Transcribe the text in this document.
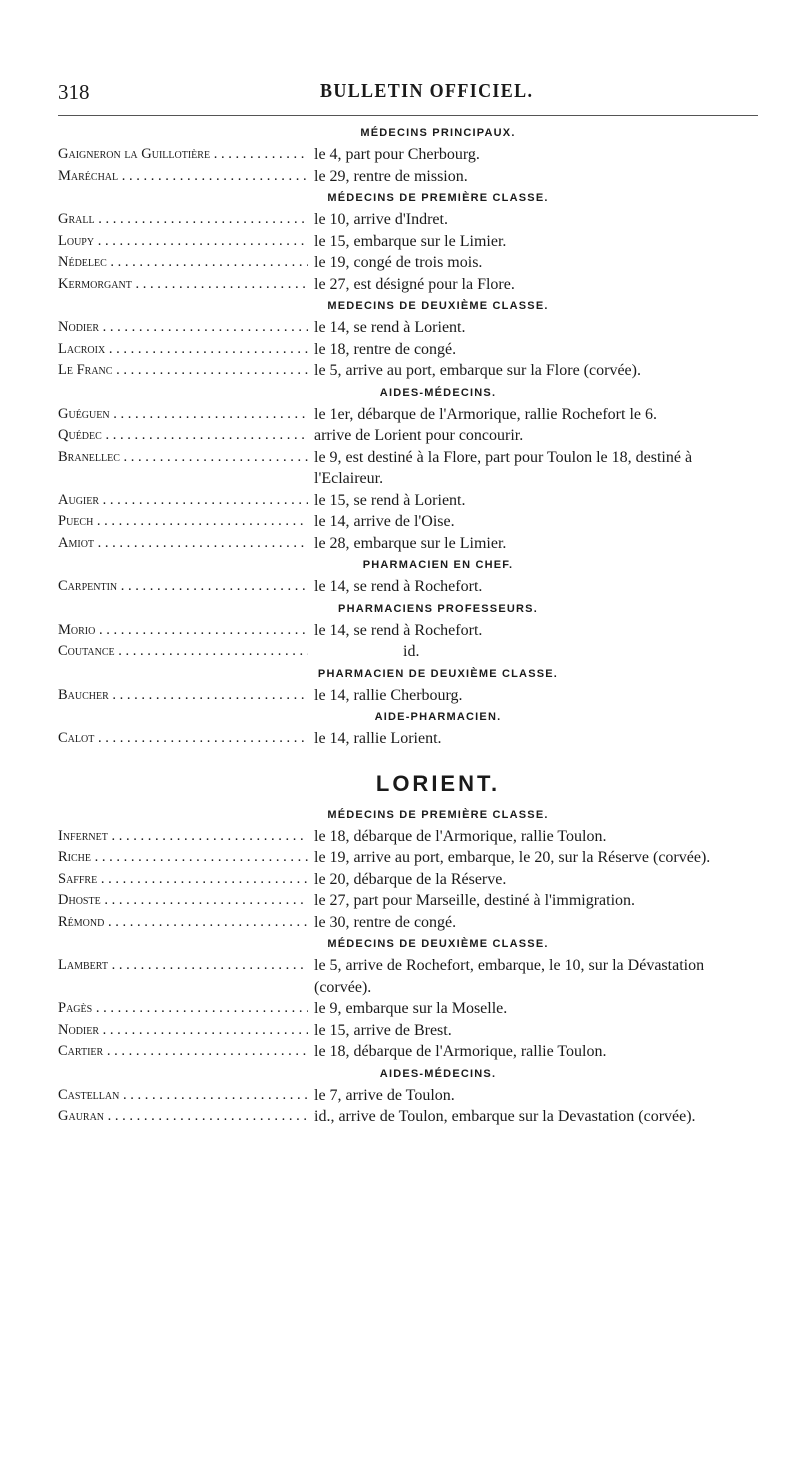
318	BULLETIN OFFICIEL.
MÉDECINS PRINCIPAUX.
Gaigneron la Guillotière . . .	le 4, part pour Cherbourg.
Maréchal . . .	le 29, rentre de mission.
MÉDECINS DE PREMIÈRE CLASSE.
Grall . . .	le 10, arrive d'Indret.
Loupy . . .	le 15, embarque sur le Limier.
Nédelec . . .	le 19, congé de trois mois.
Kermorgant . . .	le 27, est désigné pour la Flore.
MEDECINS DE DEUXIÈME CLASSE.
Nodier . . .	le 14, se rend à Lorient.
Lacroix . . .	le 18, rentre de congé.
Le Franc . . .	le 5, arrive au port, embarque sur la Flore (corvée).
AIDES-MÉDECINS.
Guéguen . . .	le 1er, débarque de l'Armorique, rallie Rochefort le 6.
Quédec . . .	arrive de Lorient pour concourir.
Branellec . . .	le 9, est destiné à la Flore, part pour Toulon le 18, destiné à l'Eclaireur.
Augier . . .	le 15, se rend à Lorient.
Puech . . .	le 14, arrive de l'Oise.
Amiot . . .	le 28, embarque sur le Limier.
PHARMACIEN EN CHEF.
Carpentin . . .	le 14, se rend à Rochefort.
PHARMACIENS PROFESSEURS.
Morio . . .	le 14, se rend à Rochefort.
Coutance . . .	id.
PHARMACIEN DE DEUXIÈME CLASSE.
Baucher . . .	le 14, rallie Cherbourg.
AIDE-PHARMACIEN.
Calot . . .	le 14, rallie Lorient.
LORIENT.
MÉDECINS DE PREMIÈRE CLASSE.
Infernet . . .	le 18, débarque de l'Armorique, rallie Toulon.
Riche . . .	le 19, arrive au port, embarque, le 20, sur la Réserve (corvée).
Saffre . . .	le 20, débarque de la Réserve.
Dhoste . . .	le 27, part pour Marseille, destiné à l'immigration.
Rémond . . .	le 30, rentre de congé.
MÉDECINS DE DEUXIÈME CLASSE.
Lambert . . .	le 5, arrive de Rochefort, embarque, le 10, sur la Dévastation (corvée).
Pagès . . .	le 9, embarque sur la Moselle.
Nodier . . .	le 15, arrive de Brest.
Cartier . . .	le 18, débarque de l'Armorique, rallie Toulon.
AIDES-MÉDECINS.
Castellan . . .	le 7, arrive de Toulon.
Gauran . . .	id., arrive de Toulon, embarque sur la Devastation (corvée).
